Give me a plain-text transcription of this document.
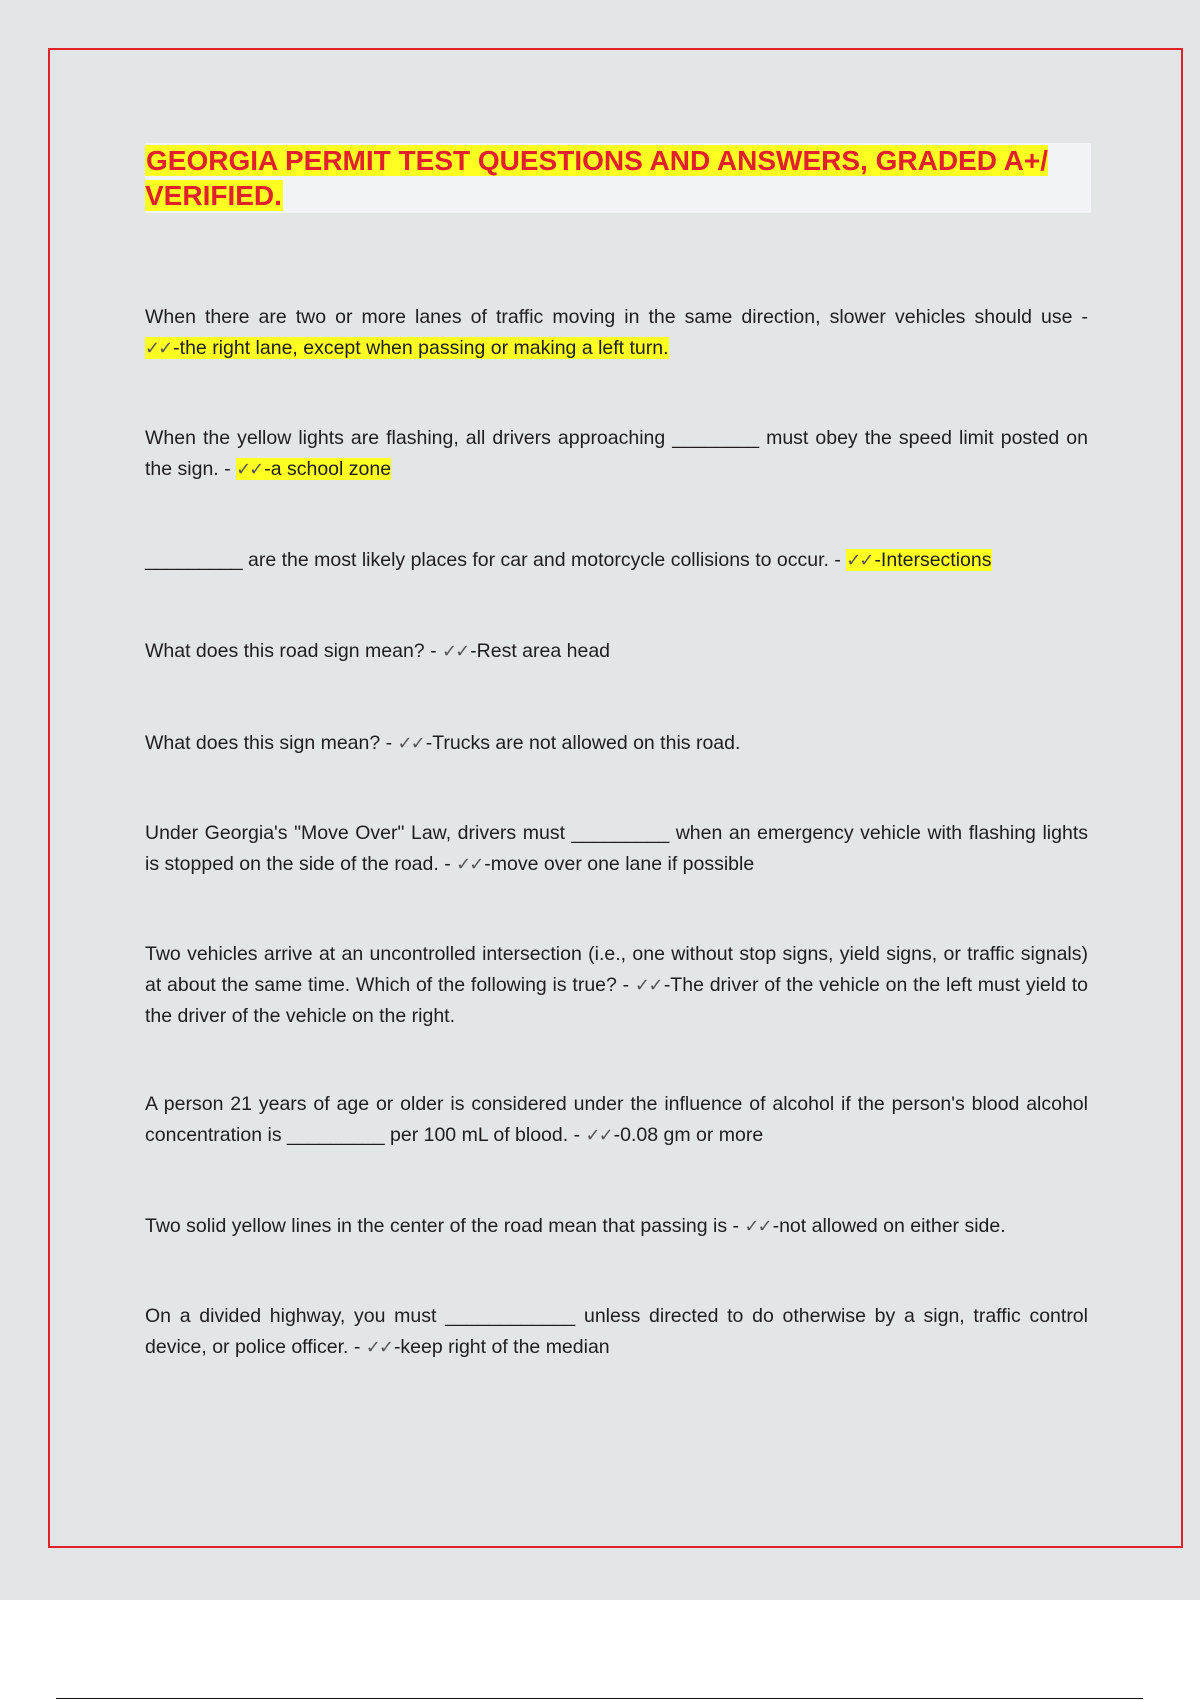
GEORGIA PERMIT TEST QUESTIONS AND ANSWERS, GRADED A+/ VERIFIED.

When there are two or more lanes of traffic moving in the same direction, slower vehicles should use - ✓✓ -the right lane, except when passing or making a left turn.

When the yellow lights are flashing, all drivers approaching ________ must obey the speed limit posted on the sign. - ✓✓ -a school zone

_________ are the most likely places for car and motorcycle collisions to occur. - ✓✓ -Intersections

What does this road sign mean? - ✓✓ -Rest area head

What does this sign mean? - ✓✓ -Trucks are not allowed on this road.

Under Georgia's "Move Over" Law, drivers must _________ when an emergency vehicle with flashing lights is stopped on the side of the road. - ✓✓ -move over one lane if possible

Two vehicles arrive at an uncontrolled intersection (i.e., one without stop signs, yield signs, or traffic signals) at about the same time. Which of the following is true? - ✓✓ -The driver of the vehicle on the left must yield to the driver of the vehicle on the right.

A person 21 years of age or older is considered under the influence of alcohol if the person's blood alcohol concentration is _________ per 100 mL of blood. - ✓✓ -0.08 gm or more

Two solid yellow lines in the center of the road mean that passing is - ✓✓ -not allowed on either side.

On a divided highway, you must ____________ unless directed to do otherwise by a sign, traffic control device, or police officer. - ✓✓ -keep right of the median
